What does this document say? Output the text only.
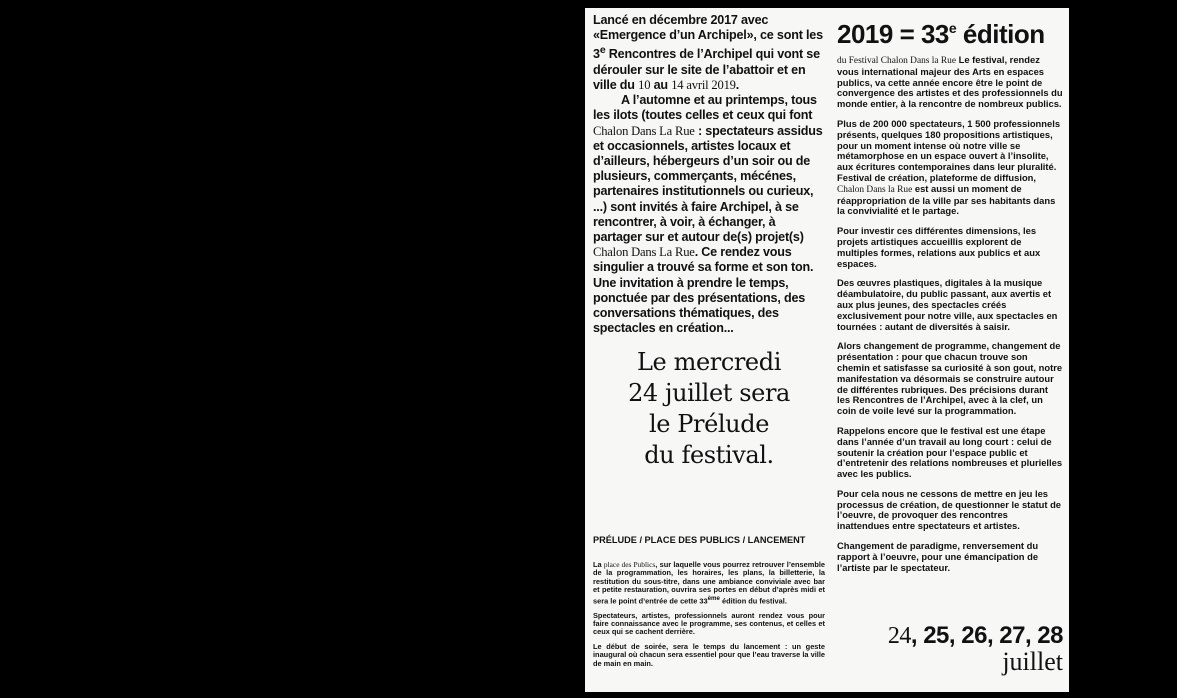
Lancé en décembre 2017 avec «Emergence d’un Archipel», ce sont les 3e Rencontres de l’Archipel qui vont se dérouler sur le site de l’abattoir et en ville du 10 au 14 avril 2019.

A l’automne et au printemps, tous les ilots (toutes celles et ceux qui font Chalon Dans La Rue : spectateurs assidus et occasionnels, artistes locaux et d’ailleurs, hébergeurs d’un soir ou de plusieurs, commerçants, mécénes, partenaires institutionnels ou curieux, ...) sont invités à faire Archipel, à se rencontrer, à voir, à échanger, à partager sur et autour de(s) projet(s) Chalon Dans La Rue. Ce rendez vous singulier a trouvé sa forme et son ton. Une invitation à prendre le temps, ponctuée par des présentations, des conversations thématiques, des spectacles en création...

Le mercredi
24 juillet sera
le Prélude
du festival.
PRÉLUDE / PLACE DES PUBLICS / LANCEMENT

La place des Publics, sur laquelle vous pourrez retrouver l’ensemble de la programmation, les horaires, les plans, la billetterie, la restitution du sous-titre, dans une ambiance conviviale avec bar et petite restauration, ouvrira ses portes en début d’après midi et sera le point d’entrée de cette 33ème édition du festival.

Spectateurs, artistes, professionnels auront rendez vous pour faire connaissance avec le programme, ses contenus, et celles et ceux qui se cachent derrière.

Le début de soirée, sera le temps du lancement : un geste inaugural où chacun sera essentiel pour que l’eau traverse la ville de main en main.

$2019 = 33^e$ édition

du Festival Chalon Dans la Rue Le festival, rendez vous international majeur des Arts en espaces publics, va cette année encore être le point de convergence des artistes et des professionnels du monde entier, à la rencontre de nombreux publics.

Plus de 200 000 spectateurs, 1 500 professionnels présents, quelques 180 propositions artistiques, pour un moment intense où notre ville se métamorphose en un espace ouvert à l’insolite, aux écritures contemporaines dans leur pluralité. Festival de création, plateforme de diffusion, Chalon Dans la Rue est aussi un moment de réappropriation de la ville par ses habitants dans la convivialité et le partage.

Pour investir ces différentes dimensions, les projets artistiques accueillis explorent de multiples formes, relations aux publics et aux espaces.

Des œuvres plastiques, digitales à la musique déambulatoire, du public passant, aux avertis et aux plus jeunes, des spectacles créés exclusivement pour notre ville, aux spectacles en tournées : autant de diversités à saisir.

Alors changement de programme, changement de présentation : pour que chacun trouve son chemin et satisfasse sa curiosité à son gout, notre manifestation va désormais se construire autour de différentes rubriques. Des précisions durant les Rencontres de l’Archipel, avec à la clef, un coin de voile levé sur la programmation.

Rappelons encore que le festival est une étape dans l’année d’un travail au long court : celui de soutenir la création pour l’espace public et d’entretenir des relations nombreuses et plurielles avec les publics.

Pour cela nous ne cessons de mettre en jeu les processus de création, de questionner le statut de l’oeuvre, de provoquer des rencontres inattendues entre spectateurs et artistes.

Changement de paradigme, renversement du rapport à l’oeuvre, pour une émancipation de l’artiste par le spectateur.

24, 25, 26, 27, 28
juillet
